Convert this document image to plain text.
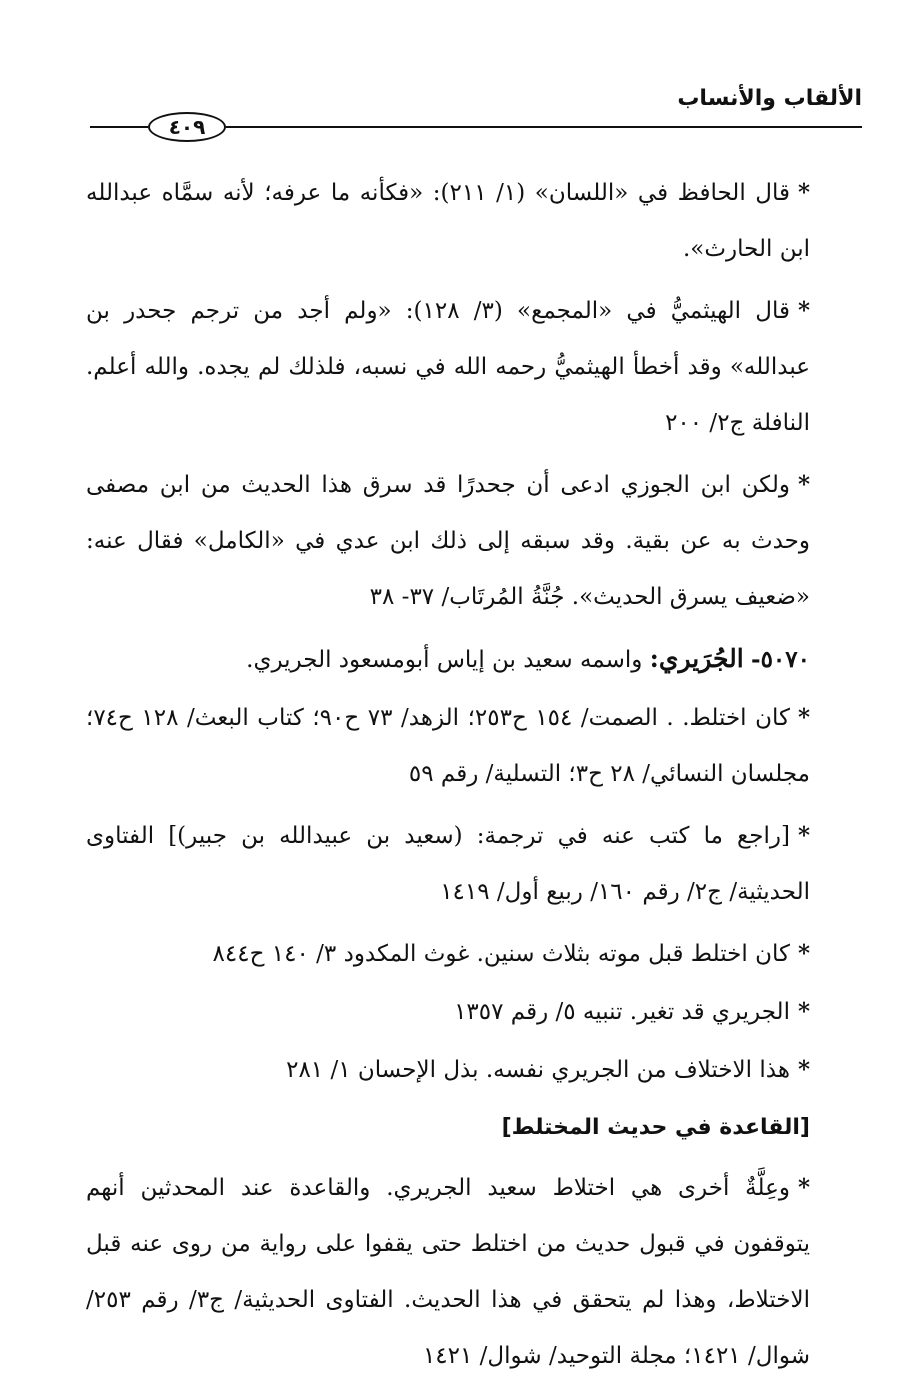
الألقاب والأنساب
٤٠٩

*قال الحافظ في «اللسان» (١/ ٢١١): «فكأنه ما عرفه؛ لأنه سمَّاه عبدالله ابن الحارث».

*قال الهيثميُّ في «المجمع» (٣/ ١٢٨): «ولم أجد من ترجم جحدر بن عبدالله» وقد أخطأ الهيثميُّ رحمه الله في نسبه، فلذلك لم يجده. والله أعلم. النافلة ج٢/ ٢٠٠

*ولكن ابن الجوزي ادعى أن جحدرًا قد سرق هذا الحديث من ابن مصفى وحدث به عن بقية. وقد سبقه إلى ذلك ابن عدي في «الكامل» فقال عنه: «ضعيف يسرق الحديث». جُنَّةُ المُرتَاب/ ٣٧- ٣٨

٥٠٧٠- الجُرَيري: واسمه سعيد بن إياس أبومسعود الجريري.

*كان اختلط. . الصمت/ ١٥٤ ح٢٥٣؛ الزهد/ ٧٣ ح٩٠؛ كتاب البعث/ ١٢٨ ح٧٤؛ مجلسان النسائي/ ٢٨ ح٣؛ التسلية/ رقم ٥٩

*[راجع ما كتب عنه في ترجمة: (سعيد بن عبيدالله بن جبير)] الفتاوى الحديثية/ ج٢/ رقم ١٦٠/ ربيع أول/ ١٤١٩

*كان اختلط قبل موته بثلاث سنين. غوث المكدود ٣/ ١٤٠ ح٨٤٤

*الجريري قد تغير. تنبيه ٥/ رقم ١٣٥٧

*هذا الاختلاف من الجريري نفسه. بذل الإحسان ١/ ٢٨١

[القاعدة في حديث المختلط]

*وعِلَّةٌ أخرى هي اختلاط سعيد الجريري. والقاعدة عند المحدثين أنهم يتوقفون في قبول حديث من اختلط حتى يقفوا على رواية من روى عنه قبل الاختلاط، وهذا لم يتحقق في هذا الحديث. الفتاوى الحديثية/ ج٣/ رقم ٢٥٣/ شوال/ ١٤٢١؛ مجلة التوحيد/ شوال/ ١٤٢١
